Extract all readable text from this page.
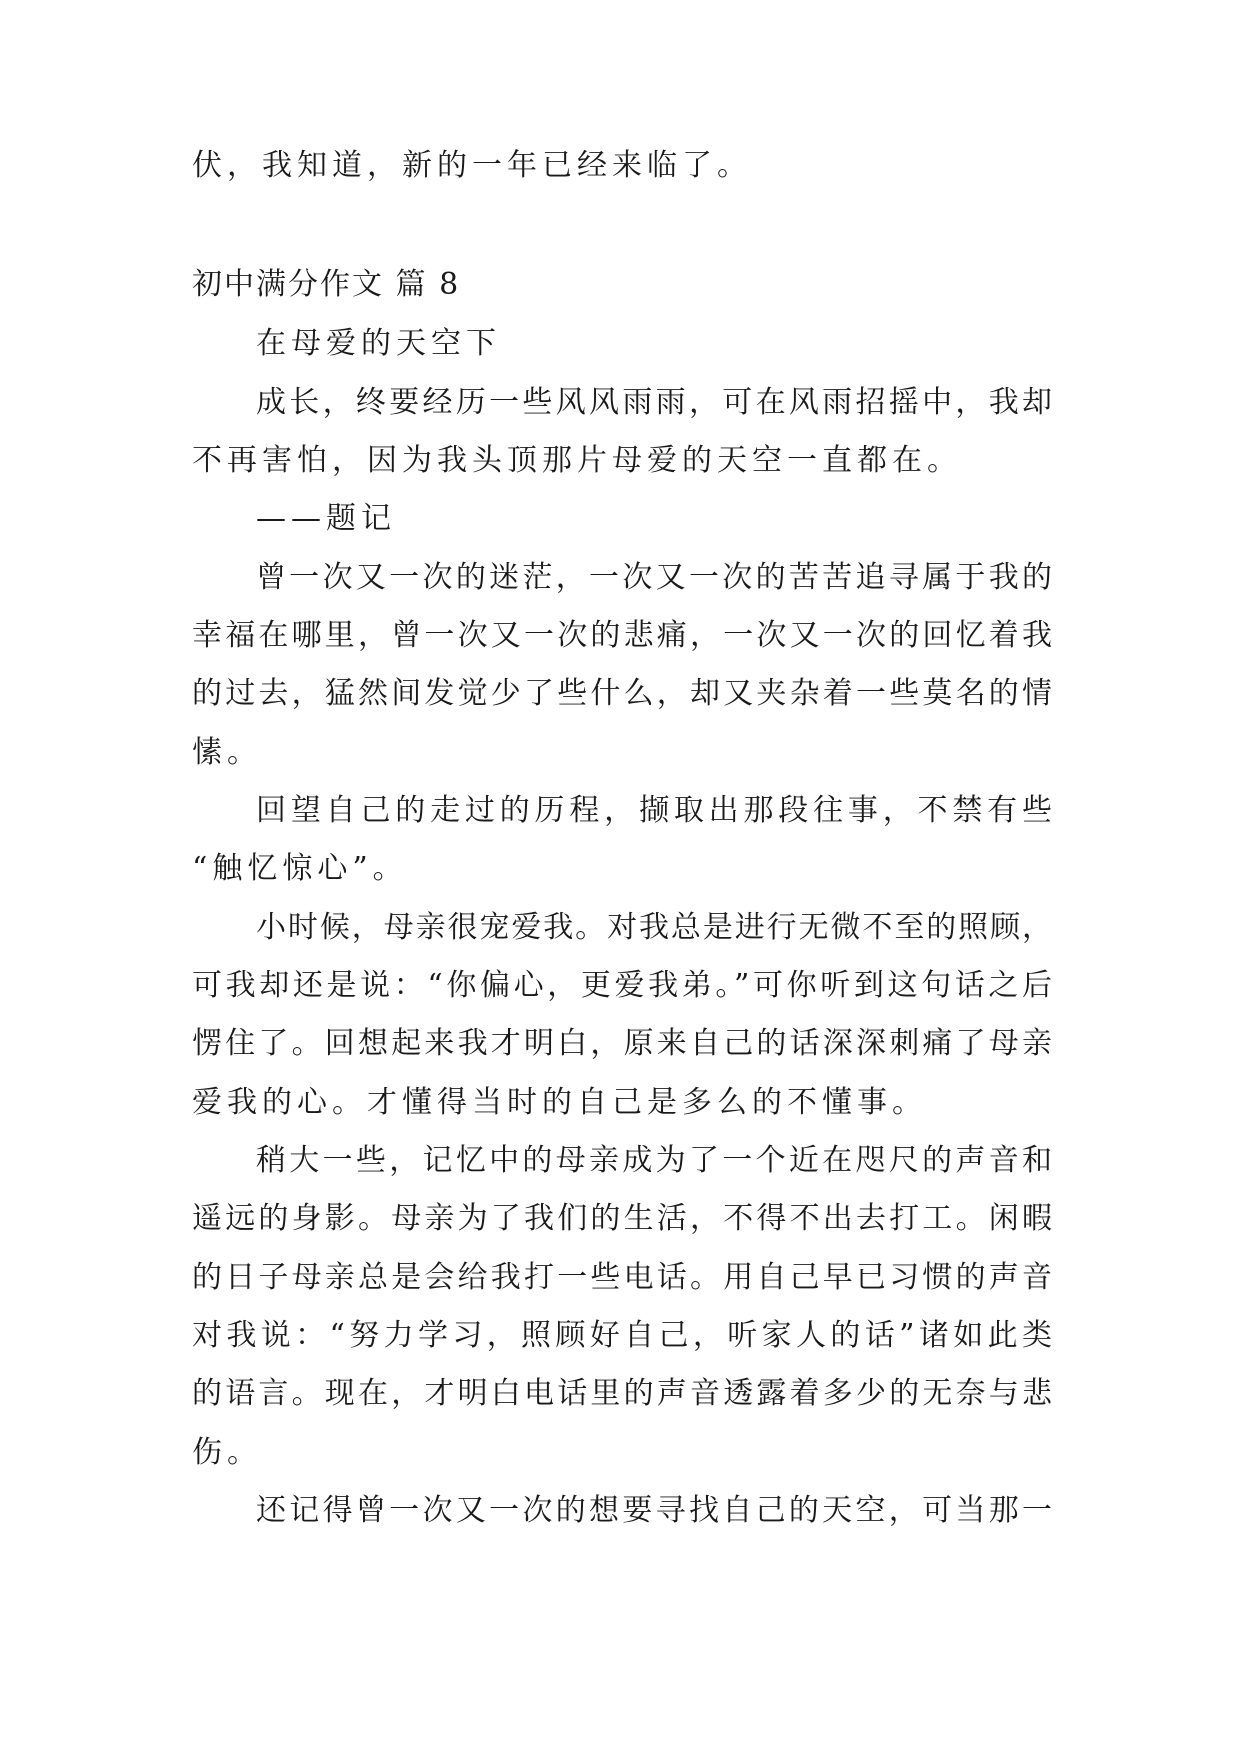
伏，我知道，新的一年已经来临了。
初中满分作文 篇 8
在母爱的天空下
成长，终要经历一些风风雨雨，可在风雨招摇中，我却
不再害怕，因为我头顶那片母爱的天空一直都在。
——题记
曾一次又一次的迷茫，一次又一次的苦苦追寻属于我的
幸福在哪里，曾一次又一次的悲痛，一次又一次的回忆着我
的过去，猛然间发觉少了些什么，却又夹杂着一些莫名的情
愫。
回望自己的走过的历程，撷取出那段往事，不禁有些
“触忆惊心”。
小时候，母亲很宠爱我。对我总是进行无微不至的照顾，
可我却还是说：“你偏心，更爱我弟。”可你听到这句话之后
愣住了。回想起来我才明白，原来自己的话深深刺痛了母亲
爱我的心。才懂得当时的自己是多么的不懂事。
稍大一些，记忆中的母亲成为了一个近在咫尺的声音和
遥远的身影。母亲为了我们的生活，不得不出去打工。闲暇
的日子母亲总是会给我打一些电话。用自己早已习惯的声音
对我说：“努力学习，照顾好自己，听家人的话”诸如此类
的语言。现在，才明白电话里的声音透露着多少的无奈与悲
伤。
还记得曾一次又一次的想要寻找自己的天空，可当那一
